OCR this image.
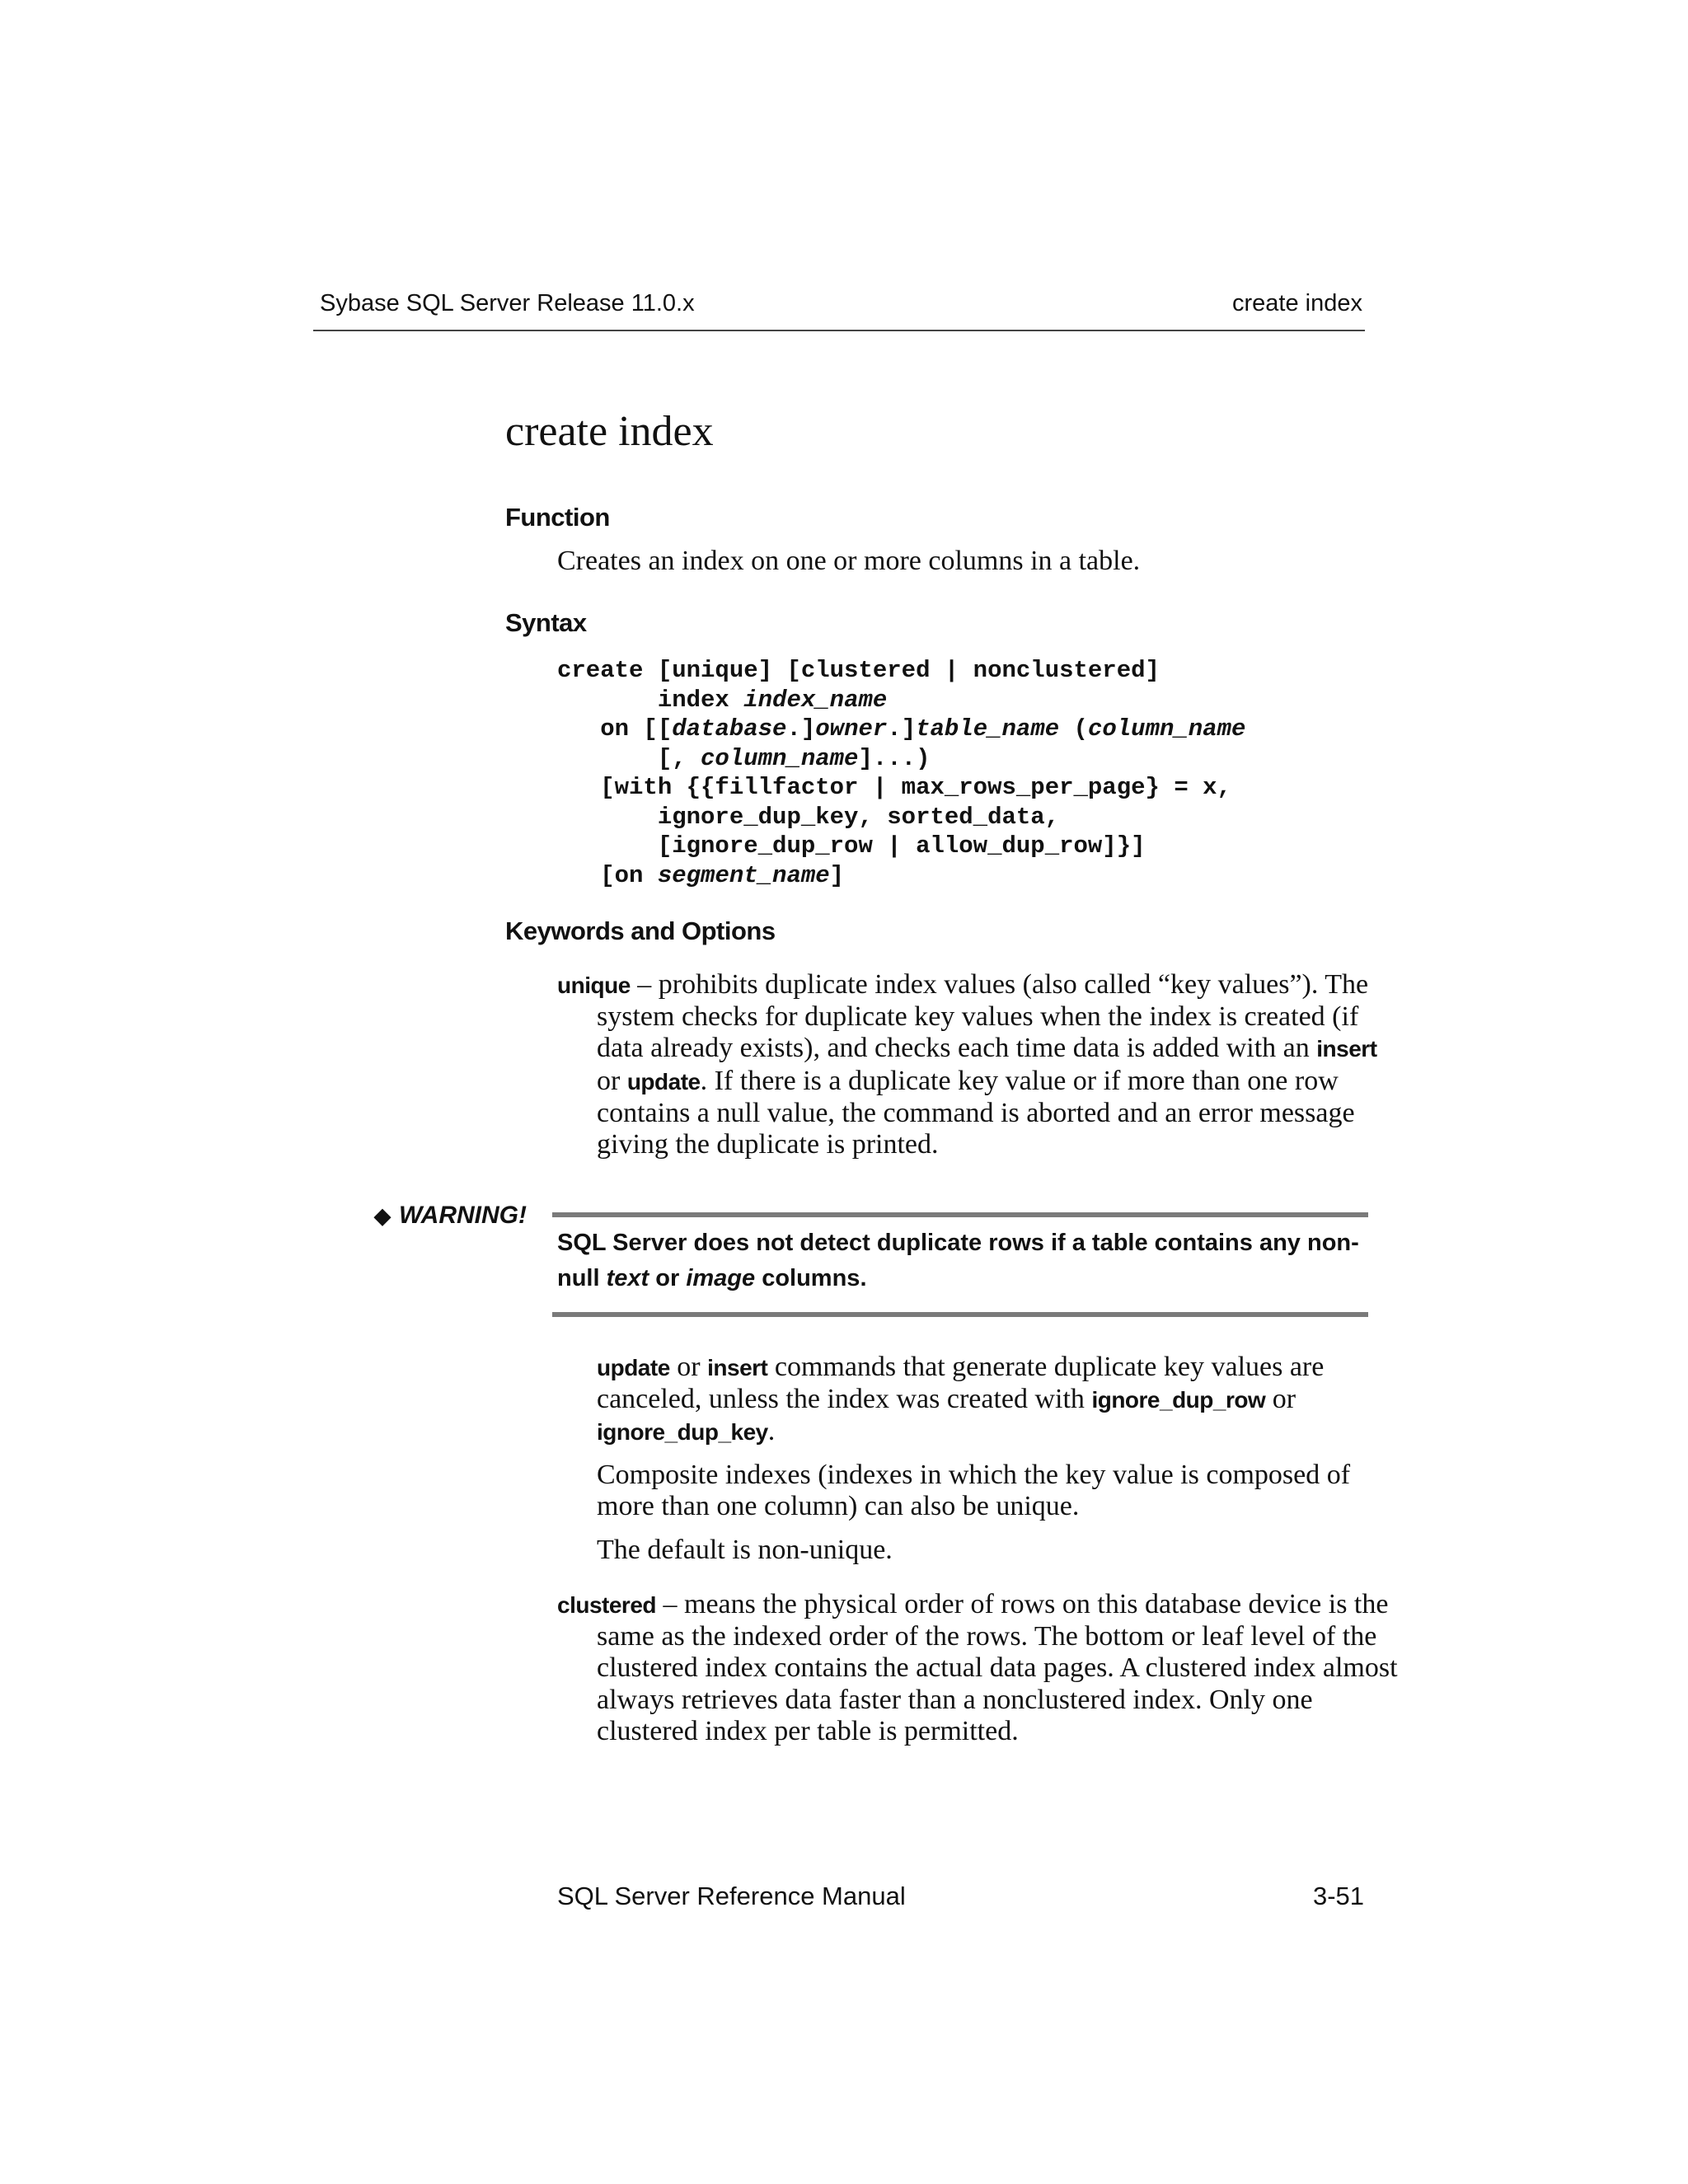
Sybase SQL Server Release 11.0.x	create index
create index
Function

Creates an index on one or more columns in a table.

Syntax
create [unique] [clustered | nonclustered]
index index_name
on [[database.]owner.]table_name (column_name
[, column_name]...)
[with {{fillfactor | max_rows_per_page} = x,
ignore_dup_key, sorted_data,
[ignore_dup_row | allow_dup_row]}]
[on segment_name]
Keywords and Options

unique – prohibits duplicate index values (also called “key values”). The system checks for duplicate key values when the index is created (if data already exists), and checks each time data is added with an insert or update. If there is a duplicate key value or if more than one row contains a null value, the command is aborted and an error message giving the duplicate is printed.

◆ WARNING!

SQL Server does not detect duplicate rows if a table contains any non-null text or image columns.

update or insert commands that generate duplicate key values are canceled, unless the index was created with ignore_dup_row or ignore_dup_key.

Composite indexes (indexes in which the key value is composed of more than one column) can also be unique.

The default is non-unique.

clustered – means the physical order of rows on this database device is the same as the indexed order of the rows. The bottom or leaf level of the clustered index contains the actual data pages. A clustered index almost always retrieves data faster than a nonclustered index. Only one clustered index per table is permitted.

SQL Server Reference Manual	3-51
